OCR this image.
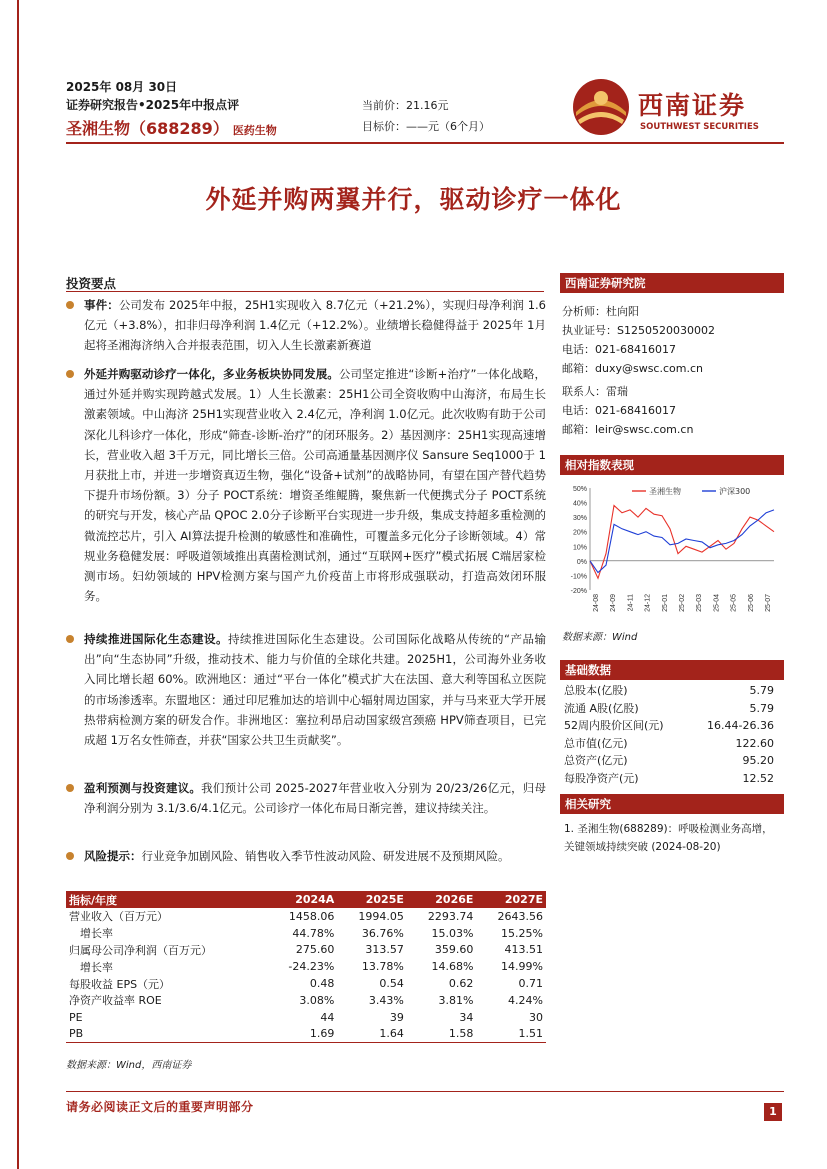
2025年 08月 30日
证券研究报告•2025年中报点评
圣湘生物（688289） 医药生物
当前价：21.16元
目标价：——元（6个月）
西南证券
SOUTHWEST SECURITIES
外延并购两翼并行，驱动诊疗一体化
投资要点
事件：公司发布 2025年中报，25H1实现收入 8.7亿元（+21.2%），实现归母净利润 1.6亿元（+3.8%），扣非归母净利润 1.4亿元（+12.2%）。业绩增长稳健得益于 2025年 1月起将圣湘海济纳入合并报表范围，切入人生长激素新赛道
外延并购驱动诊疗一体化，多业务板块协同发展。公司坚定推进“诊断+治疗”一体化战略，通过外延并购实现跨越式发展。1）人生长激素：25H1公司全资收购中山海济，布局生长激素领域。中山海济 25H1实现营业收入 2.4亿元，净利润 1.0亿元。此次收购有助于公司深化儿科诊疗一体化，形成“筛查-诊断-治疗”的闭环服务。2）基因测序：25H1实现高速增长，营业收入超 3千万元，同比增长三倍。公司高通量基因测序仪 Sansure Seq1000于 1月获批上市，并进一步增资真迈生物，强化“设备+试剂”的战略协同，有望在国产替代趋势下提升市场份额。3）分子 POCT系统：增资圣维鲲腾，聚焦新一代便携式分子 POCT系统的研究与开发，核心产品 QPOC 2.0分子诊断平台实现进一步升级，集成支持超多重检测的微流控芯片，引入 AI算法提升检测的敏感性和准确性，可覆盖多元化分子诊断领域。4）常规业务稳健发展：呼吸道领域推出真菌检测试剂，通过“互联网+医疗”模式拓展 C端居家检测市场。妇幼领域的 HPV检测方案与国产九价疫苗上市将形成强联动，打造高效闭环服务。
持续推进国际化生态建设。持续推进国际化生态建设。公司国际化战略从传统的“产品输出”向“生态协同”升级，推动技术、能力与价值的全球化共建。2025H1，公司海外业务收入同比增长超 60%。欧洲地区：通过“平台一体化”模式扩大在法国、意大利等国私立医院的市场渗透率。东盟地区：通过印尼雅加达的培训中心辐射周边国家，并与马来亚大学开展热带病检测方案的研发合作。非洲地区：塞拉利昂启动国家级宫颈癌 HPV筛查项目，已完成超 1万名女性筛查，并获“国家公共卫生贡献奖”。
盈利预测与投资建议。我们预计公司 2025-2027年营业收入分别为 20/23/26亿元，归母净利润分别为 3.1/3.6/4.1亿元。公司诊疗一体化布局日渐完善，建议持续关注。
风险提示：行业竞争加剧风险、销售收入季节性波动风险、研发进展不及预期风险。
指标/年度	2024A	2025E	2026E	2027E
营业收入（百万元）	1458.06	1994.05	2293.74	2643.56
增长率	44.78%	36.76%	15.03%	15.25%
归属母公司净利润（百万元）	275.60	313.57	359.60	413.51
增长率	-24.23%	13.78%	14.68%	14.99%
每股收益 EPS（元）	0.48	0.54	0.62	0.71
净资产收益率 ROE	3.08%	3.43%	3.81%	4.24%
PE	44	39	34	30
PB	1.69	1.64	1.58	1.51
数据来源：Wind，西南证券
西南证券研究院
分析师：杜向阳
执业证号：S1250520030002
电话：021-68416017
邮箱：duxy@swsc.com.cn
联系人：雷瑞
电话：021-68416017
邮箱：leir@swsc.com.cn
相对指数表现
50%
40%
30%
20%
10%
0%
-10%
-20%
24-08 24-09 24-11 24-12 25-01 25-02 25-03 25-04 25-05 25-06 25-07
圣湘生物	沪深300
数据来源：Wind
基础数据
总股本(亿股)	5.79
流通 A股(亿股)	5.79
52周内股价区间(元)	16.44-26.36
总市值(亿元)	122.60
总资产(亿元)	95.20
每股净资产(元)	12.52
相关研究
1. 圣湘生物(688289)：呼吸检测业务高增，关键领域持续突破 (2024-08-20)
请务必阅读正文后的重要声明部分	1
